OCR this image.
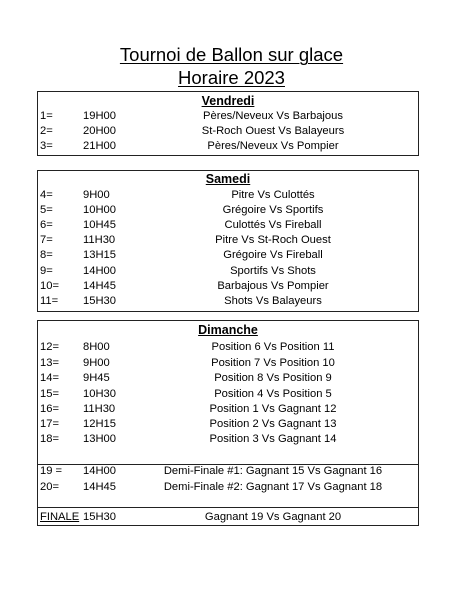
Tournoi de Ballon sur glace
Horaire 2023
Vendredi
1=	19H00	Pères/Neveux Vs Barbajous
2=	20H00	St-Roch Ouest Vs Balayeurs
3=	21H00	Pères/Neveux Vs Pompier
Samedi
4=	9H00	Pitre Vs Culottés
5=	10H00	Grégoire Vs Sportifs
6=	10H45	Culottés Vs Fireball
7=	11H30	Pitre Vs St-Roch Ouest
8=	13H15	Grégoire Vs Fireball
9=	14H00	Sportifs Vs Shots
10= 14H45	Barbajous Vs Pompier
11= 15H30	Shots Vs Balayeurs
Dimanche
12= 8H00	Position 6 Vs Position 11
13= 9H00	Position 7 Vs Position 10
14= 9H45	Position 8 Vs Position 9
15= 10H30	Position 4 Vs Position 5
16= 11H30	Position 1 Vs Gagnant 12
17= 12H15	Position 2 Vs Gagnant 13
18= 13H00	Position 3 Vs Gagnant 14
19 = 14H00	Demi-Finale #1: Gagnant 15 Vs Gagnant 16
20= 14H45	Demi-Finale #2: Gagnant 17 Vs Gagnant 18
FINALE 15H30	Gagnant 19 Vs Gagnant 20
